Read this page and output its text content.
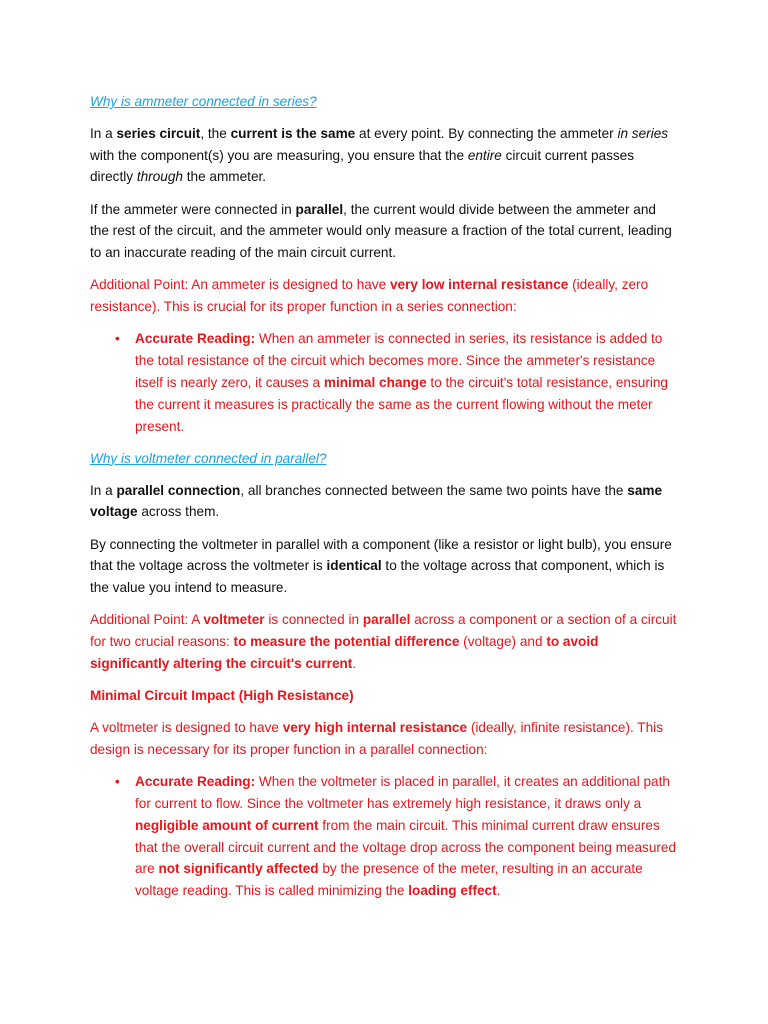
Why is ammeter connected in series?

In a series circuit, the current is the same at every point. By connecting the ammeter in series with the component(s) you are measuring, you ensure that the entire circuit current passes directly through the ammeter.

If the ammeter were connected in parallel, the current would divide between the ammeter and the rest of the circuit, and the ammeter would only measure a fraction of the total current, leading to an inaccurate reading of the main circuit current.

Additional Point: An ammeter is designed to have very low internal resistance (ideally, zero resistance). This is crucial for its proper function in a series connection:

• Accurate Reading: When an ammeter is connected in series, its resistance is added to the total resistance of the circuit which becomes more. Since the ammeter's resistance itself is nearly zero, it causes a minimal change to the circuit's total resistance, ensuring the current it measures is practically the same as the current flowing without the meter present.
Why is voltmeter connected in parallel?

In a parallel connection, all branches connected between the same two points have the same voltage across them.

By connecting the voltmeter in parallel with a component (like a resistor or light bulb), you ensure that the voltage across the voltmeter is identical to the voltage across that component, which is the value you intend to measure.

Additional Point: A voltmeter is connected in parallel across a component or a section of a circuit for two crucial reasons: to measure the potential difference (voltage) and to avoid significantly altering the circuit's current.

Minimal Circuit Impact (High Resistance)

A voltmeter is designed to have very high internal resistance (ideally, infinite resistance). This design is necessary for its proper function in a parallel connection:

• Accurate Reading: When the voltmeter is placed in parallel, it creates an additional path for current to flow. Since the voltmeter has extremely high resistance, it draws only a negligible amount of current from the main circuit. This minimal current draw ensures that the overall circuit current and the voltage drop across the component being measured are not significantly affected by the presence of the meter, resulting in an accurate voltage reading. This is called minimizing the loading effect.
